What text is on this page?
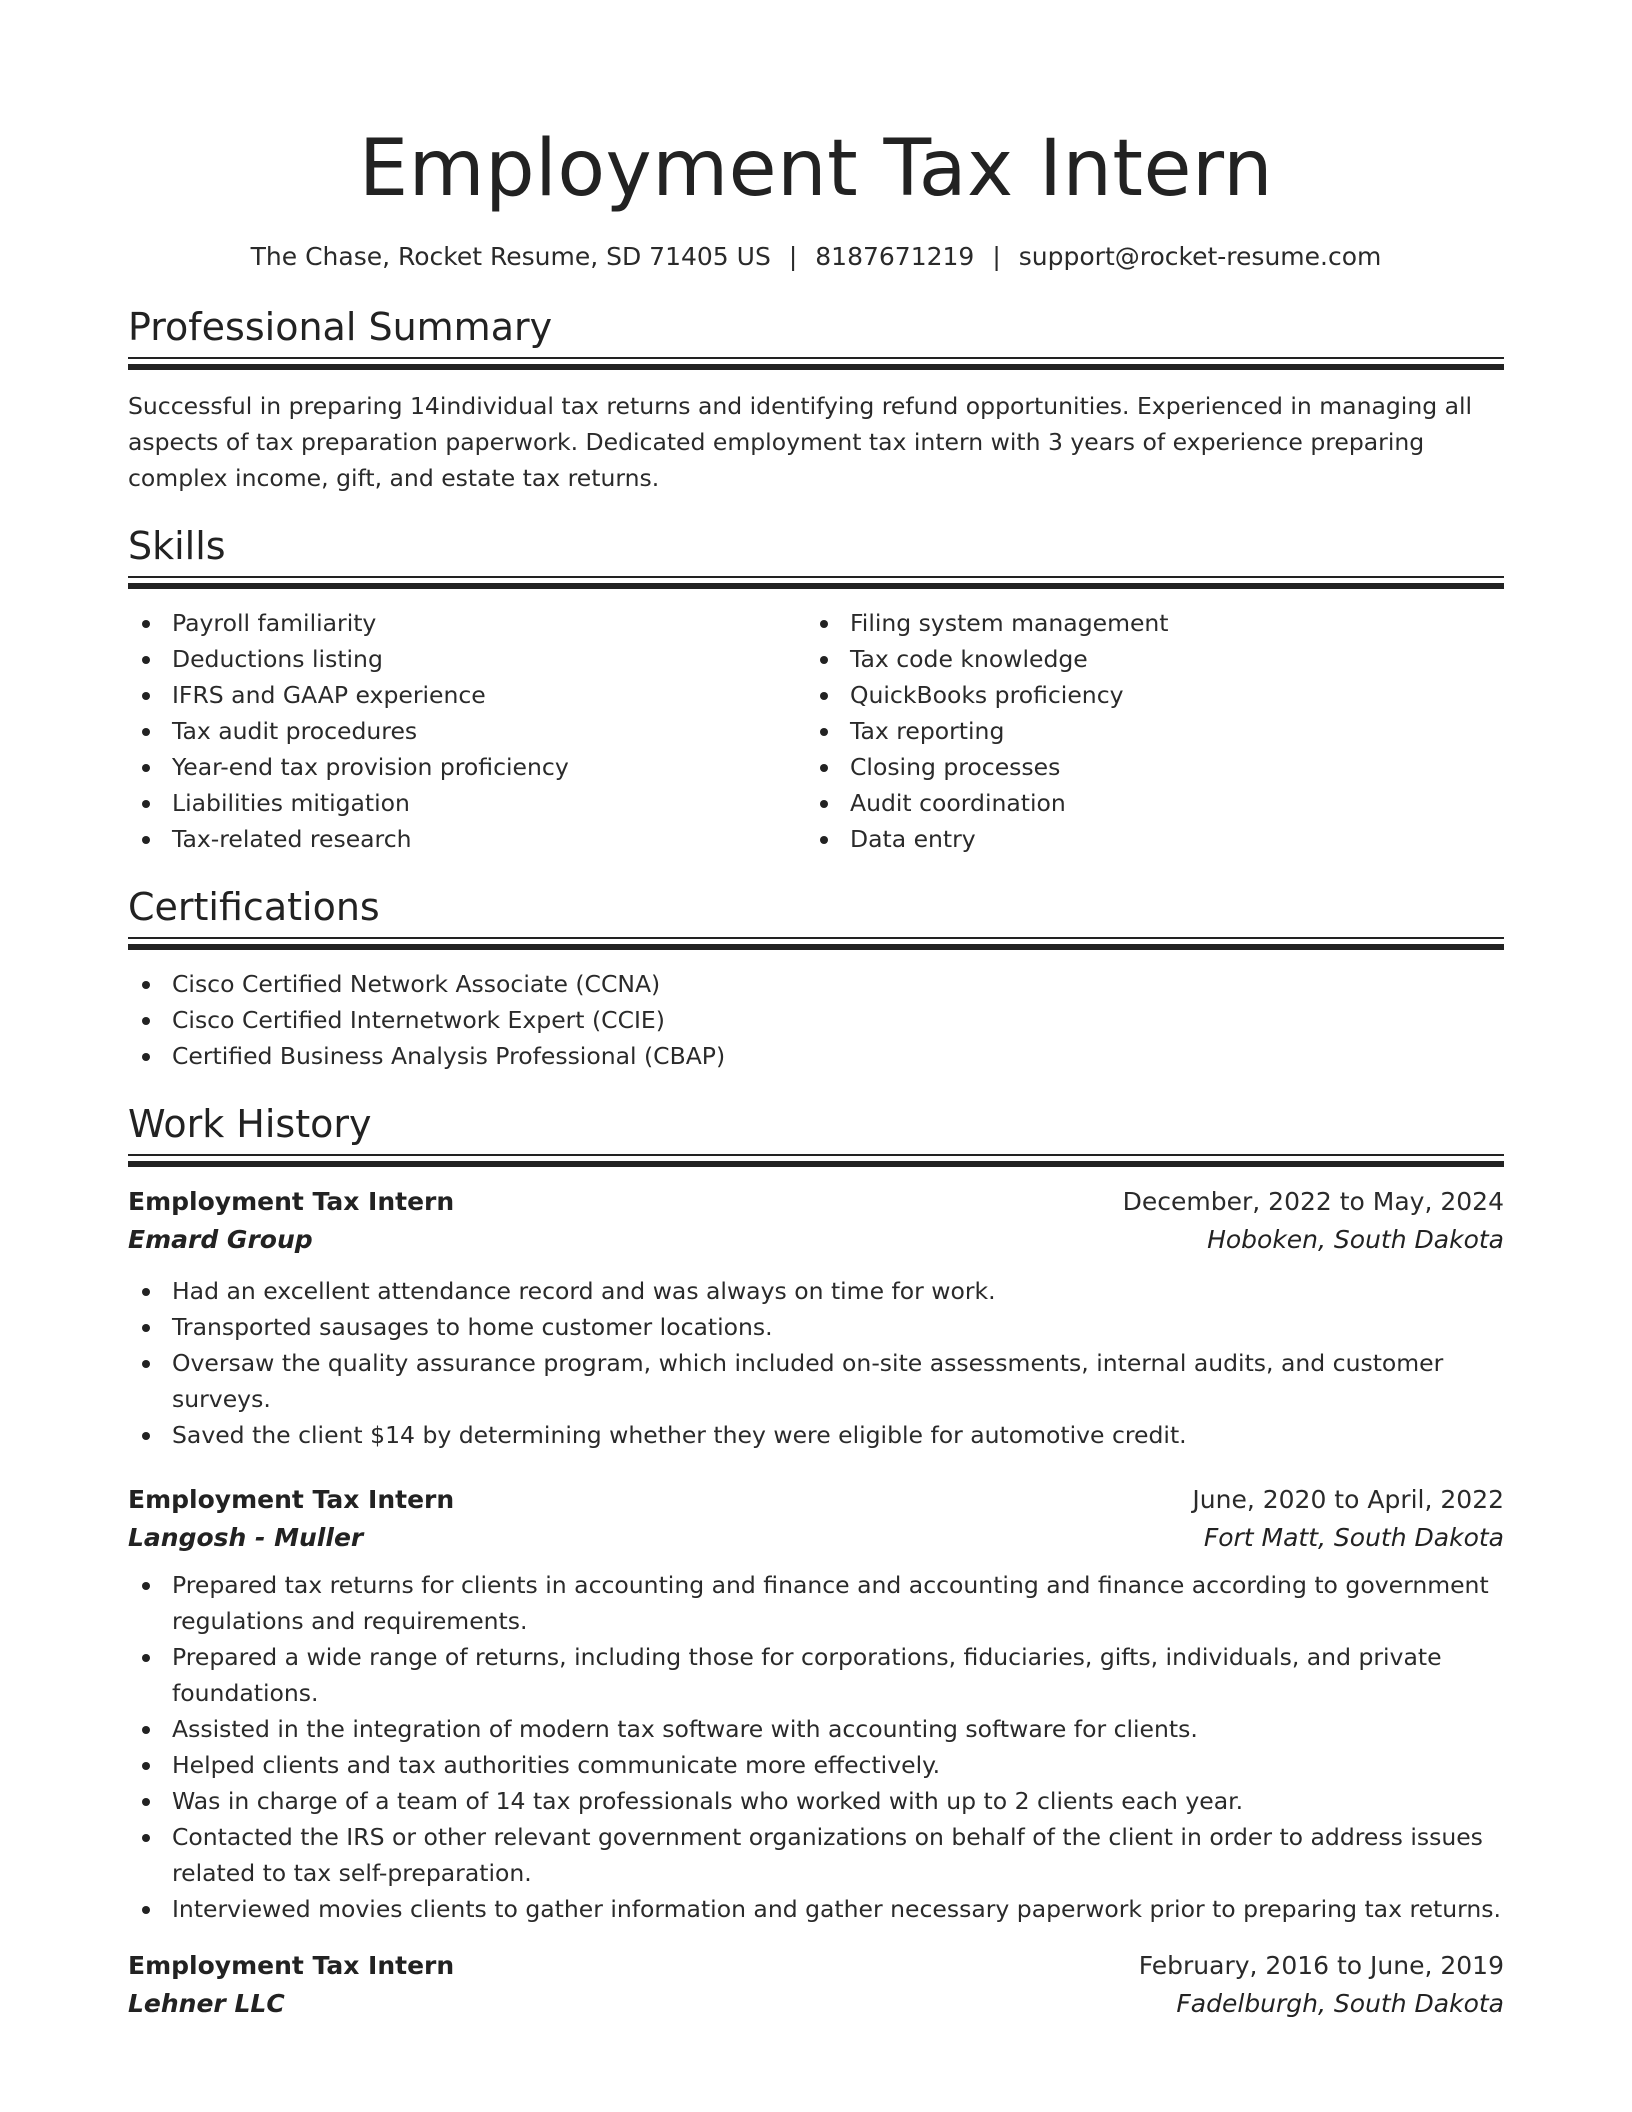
Employment Tax Intern
The Chase, Rocket Resume, SD 71405 US | 8187671219 | support@rocket-resume.com
Professional Summary
Successful in preparing 14individual tax returns and identifying refund opportunities. Experienced in managing all aspects of tax preparation paperwork. Dedicated employment tax intern with 3 years of experience preparing complex income, gift, and estate tax returns.
Skills
Payroll familiarity
Deductions listing
IFRS and GAAP experience
Tax audit procedures
Year-end tax provision proficiency
Liabilities mitigation
Tax-related research
Filing system management
Tax code knowledge
QuickBooks proficiency
Tax reporting
Closing processes
Audit coordination
Data entry
Certifications
Cisco Certified Network Associate (CCNA)
Cisco Certified Internetwork Expert (CCIE)
Certified Business Analysis Professional (CBAP)
Work History
Employment Tax Intern	December, 2022 to May, 2024
Emard Group	Hoboken, South Dakota
Had an excellent attendance record and was always on time for work.
Transported sausages to home customer locations.
Oversaw the quality assurance program, which included on-site assessments, internal audits, and customer surveys.
Saved the client $14 by determining whether they were eligible for automotive credit.
Employment Tax Intern	June, 2020 to April, 2022
Langosh - Muller	Fort Matt, South Dakota
Prepared tax returns for clients in accounting and finance and accounting and finance according to government regulations and requirements.
Prepared a wide range of returns, including those for corporations, fiduciaries, gifts, individuals, and private foundations.
Assisted in the integration of modern tax software with accounting software for clients.
Helped clients and tax authorities communicate more effectively.
Was in charge of a team of 14 tax professionals who worked with up to 2 clients each year.
Contacted the IRS or other relevant government organizations on behalf of the client in order to address issues related to tax self-preparation.
Interviewed movies clients to gather information and gather necessary paperwork prior to preparing tax returns.
Employment Tax Intern	February, 2016 to June, 2019
Lehner LLC	Fadelburgh, South Dakota
